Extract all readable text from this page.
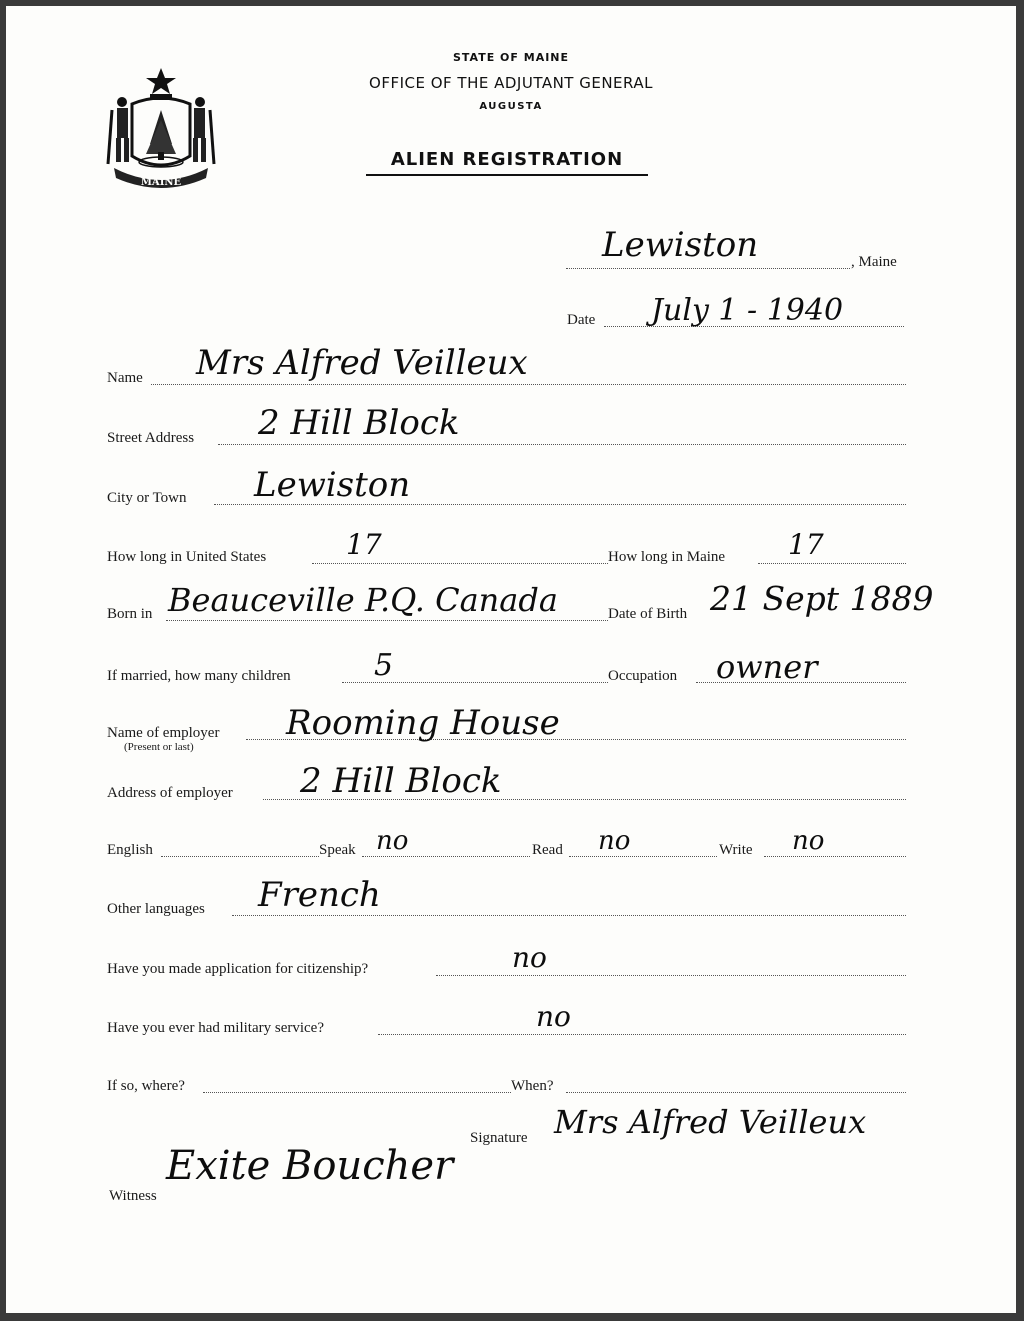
MAINE
STATE OF MAINE
OFFICE OF THE ADJUTANT GENERAL
AUGUSTA
ALIEN REGISTRATION
Lewiston	, Maine
Date July 1 - 1940
Name Mrs Alfred Veilleux
Street Address 2 Hill Block
City or Town Lewiston
How long in United States	17	How long in Maine 17
Born in Beauceville P.Q. Canada	Date of Birth 21 Sept 1889
If married, how many children	5	Occupation owner
Name of employer
(Present or last)
Rooming House
Address of employer 2 Hill Block
English	Speak no	Read no	Write no
Other languages French
Have you made application for citizenship?	no
Have you ever had military service?	no
If so, where?	When?
Signature Mrs Alfred Veilleux
Witness
Exite Boucher
